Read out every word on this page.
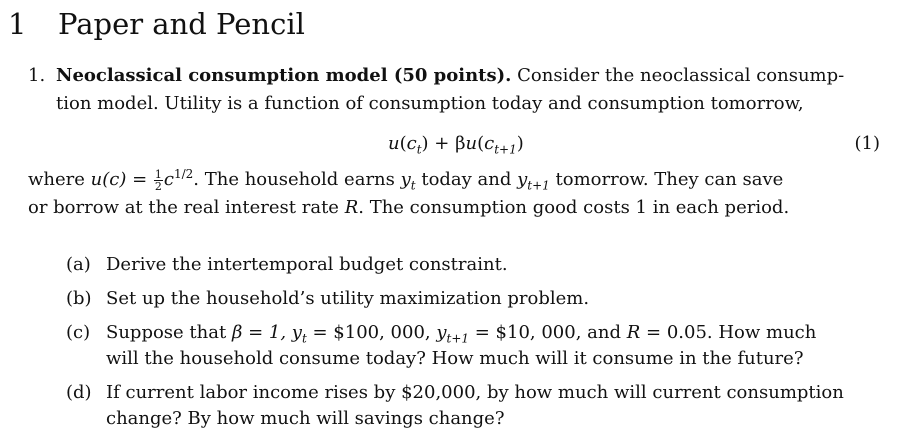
1 Paper and Pencil
1. Neoclassical consumption model (50 points). Consider the neoclassical consump-
tion model. Utility is a function of consumption today and consumption tomorrow,
$u(c_t) + \beta u(c_{t+1})$	(1)
where $u(c) = \frac{1}{2} c^{1/2}$. The household earns $y_t$ today and $y_{t+1}$ tomorrow. They can save
or borrow at the real interest rate R. The consumption good costs 1 in each period.
(a) Derive the intertemporal budget constraint.
(b) Set up the household’s utility maximization problem.
(c) Suppose that β = 1, $y_t$ = $100, 000, $y_{t+1}$ = $10, 000, and R = 0.05. How much
will the household consume today? How much will it consume in the future?
(d) If current labor income rises by $20,000, by how much will current consumption
change? By how much will savings change?
